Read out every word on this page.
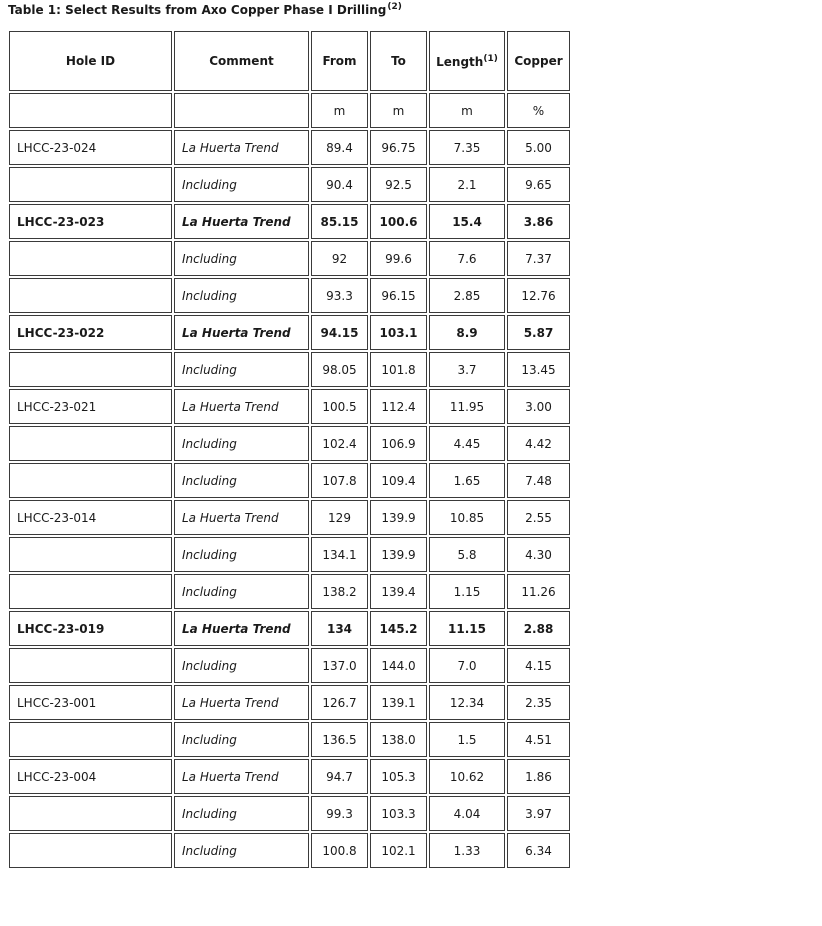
Table 1: Select Results from Axo Copper Phase I Drilling$^{(2)}$
Hole ID	Comment	From	To	Length$^{(1)}$	Copper
		m	m	m	%
LHCC-23-024	La Huerta Trend	89.4	96.75	7.35	5.00
	Including	90.4	92.5	2.1	9.65
LHCC-23-023	La Huerta Trend	85.15	100.6	15.4	3.86
	Including	92	99.6	7.6	7.37
	Including	93.3	96.15	2.85	12.76
LHCC-23-022	La Huerta Trend	94.15	103.1	8.9	5.87
	Including	98.05	101.8	3.7	13.45
LHCC-23-021	La Huerta Trend	100.5	112.4	11.95	3.00
	Including	102.4	106.9	4.45	4.42
	Including	107.8	109.4	1.65	7.48
LHCC-23-014	La Huerta Trend	129	139.9	10.85	2.55
	Including	134.1	139.9	5.8	4.30
	Including	138.2	139.4	1.15	11.26
LHCC-23-019	La Huerta Trend	134	145.2	11.15	2.88
	Including	137.0	144.0	7.0	4.15
LHCC-23-001	La Huerta Trend	126.7	139.1	12.34	2.35
	Including	136.5	138.0	1.5	4.51
LHCC-23-004	La Huerta Trend	94.7	105.3	10.62	1.86
	Including	99.3	103.3	4.04	3.97
	Including	100.8	102.1	1.33	6.34
